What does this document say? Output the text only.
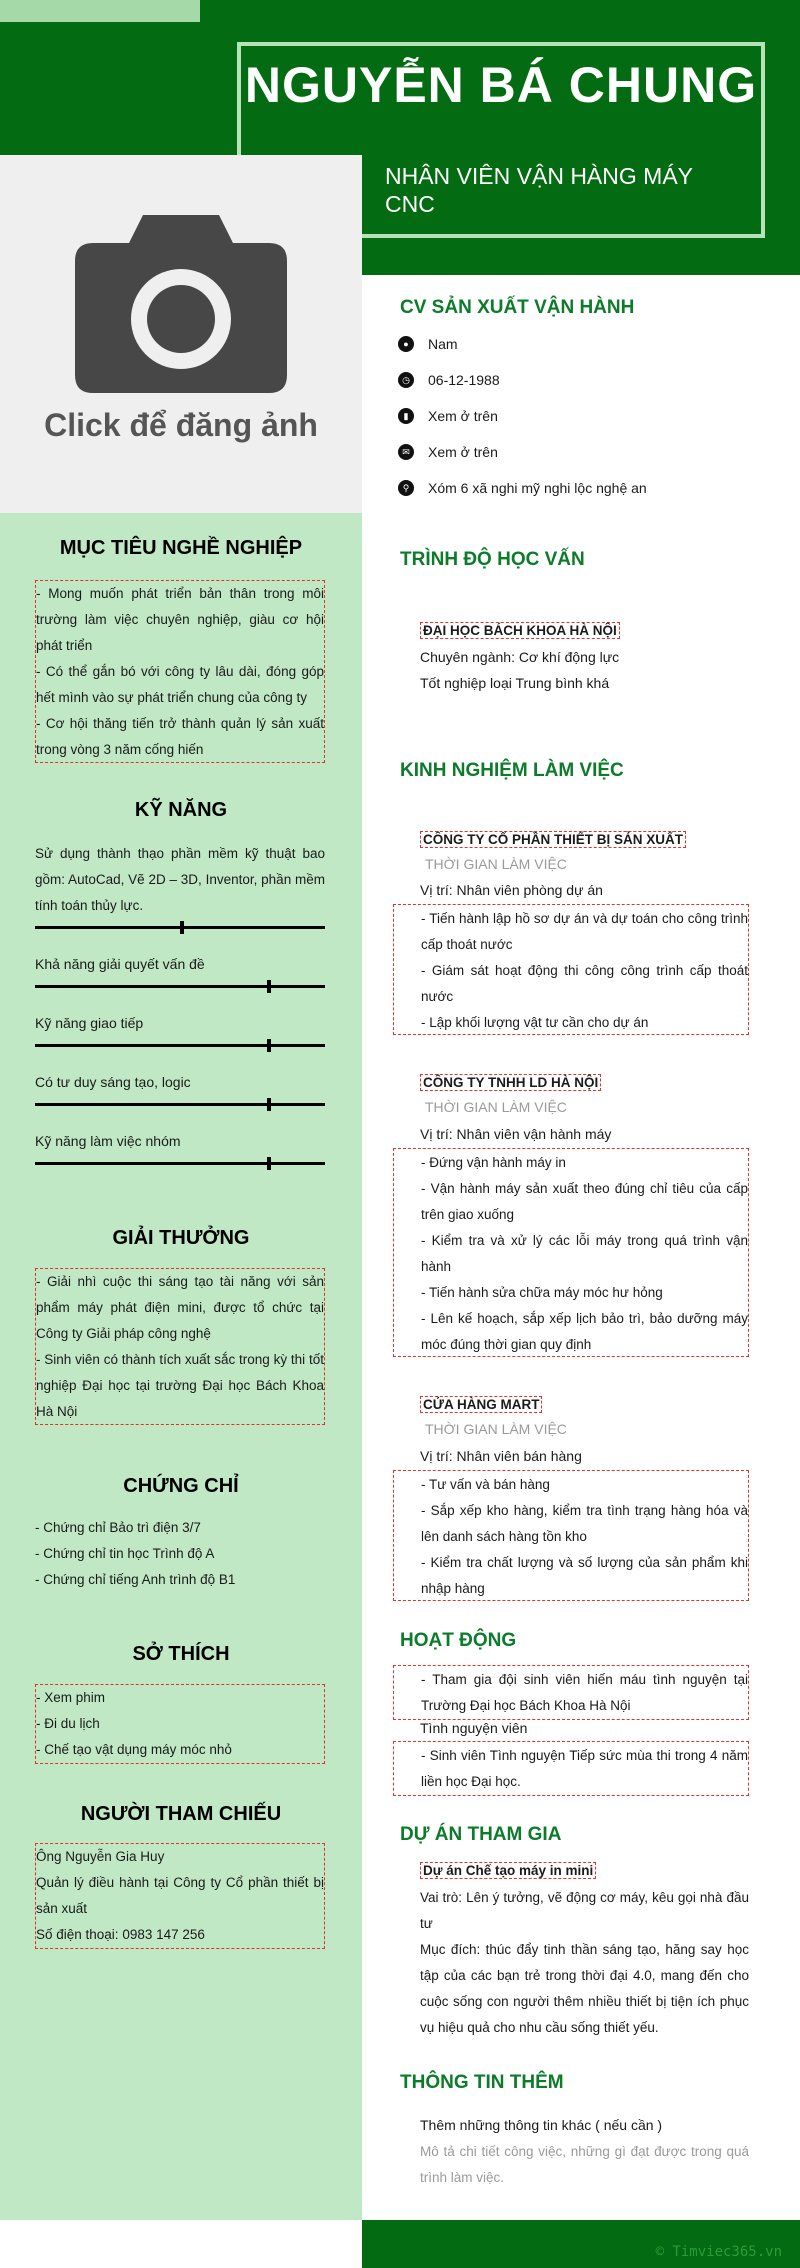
NGUYỄN BÁ CHUNG
NHÂN VIÊN VẬN HÀNG MÁY CNC
Click để đăng ảnh
MỤC TIÊU NGHỀ NGHIỆP

- Mong muốn phát triển bản thân trong môi trường làm việc chuyên nghiệp, giàu cơ hội phát triển

- Có thể gắn bó với công ty lâu dài, đóng góp hết mình vào sự phát triển chung của công ty

- Cơ hội thăng tiến trở thành quản lý sản xuất trong vòng 3 năm cống hiến

KỸ NĂNG
Sử dụng thành thạo phần mềm kỹ thuật bao gồm: AutoCad, Vẽ 2D – 3D, Inventor, phần mềm tính toán thủy lực.
Khả năng giải quyết vấn đề
Kỹ năng giao tiếp
Có tư duy sáng tạo, logic
Kỹ năng làm việc nhóm
GIẢI THƯỞNG

- Giải nhì cuộc thi sáng tạo tài năng với sản phẩm máy phát điện mini, được tổ chức tại Công ty Giải pháp công nghệ

- Sinh viên có thành tích xuất sắc trong kỳ thi tốt nghiệp Đại học tại trường Đại học Bách Khoa Hà Nội

CHỨNG CHỈ

- Chứng chỉ Bảo trì điện 3/7

- Chứng chỉ tin học Trình độ A

- Chứng chỉ tiếng Anh trình độ B1

SỞ THÍCH

- Xem phim

- Đi du lịch

- Chế tạo vật dụng máy móc nhỏ

NGƯỜI THAM CHIẾU

Ông Nguyễn Gia Huy

Quản lý điều hành tại Công ty Cổ phần thiết bị sản xuất

Số điện thoại: 0983 147 256

CV SẢN XUẤT VẬN HÀNH
●	Nam
◷ 06-12-1988
▮	Xem ở trên
✉	Xem ở trên
⚲	Xóm 6 xã nghi mỹ nghi lộc nghệ an
TRÌNH ĐỘ HỌC VẤN
ĐẠI HỌC BÁCH KHOA HÀ NỘI
Chuyên ngành: Cơ khí động lực
Tốt nghiệp loại Trung bình khá
KINH NGHIỆM LÀM VIỆC
CÔNG TY CỔ PHẦN THIẾT BỊ SẢN XUẤT
THỜI GIAN LÀM VIỆC
Vị trí: Nhân viên phòng dự án

- Tiến hành lập hồ sơ dự án và dự toán cho công trình cấp thoát nước

- Giám sát hoạt động thi công công trình cấp thoát nước

- Lập khối lượng vật tư cần cho dự án

CÔNG TY TNHH LD HÀ NỘI
THỜI GIAN LÀM VIỆC
Vị trí: Nhân viên vận hành máy

- Đứng vận hành máy in

- Vận hành máy sản xuất theo đúng chỉ tiêu của cấp trên giao xuống

- Kiểm tra và xử lý các lỗi máy trong quá trình vận hành

- Tiến hành sửa chữa máy móc hư hỏng

- Lên kế hoạch, sắp xếp lịch bảo trì, bảo dưỡng máy móc đúng thời gian quy định

CỬA HÀNG MART
THỜI GIAN LÀM VIỆC
Vị trí: Nhân viên bán hàng

- Tư vấn và bán hàng

- Sắp xếp kho hàng, kiểm tra tình trạng hàng hóa và lên danh sách hàng tồn kho

- Kiểm tra chất lượng và số lượng của sản phẩm khi nhập hàng

HOẠT ĐỘNG

- Tham gia đội sinh viên hiến máu tình nguyện tại Trường Đại học Bách Khoa Hà Nội

Tình nguyện viên

- Sinh viên Tình nguyện Tiếp sức mùa thi trong 4 năm liền học Đại học.

DỰ ÁN THAM GIA
Dự án Chế tạo máy in mini

Vai trò: Lên ý tưởng, vẽ động cơ máy, kêu gọi nhà đầu tư

Mục đích: thúc đẩy tinh thần sáng tạo, hăng say học tập của các bạn trẻ trong thời đại 4.0, mang đến cho cuộc sống con người thêm nhiều thiết bị tiện ích phục vụ hiệu quả cho nhu cầu sống thiết yếu.

THÔNG TIN THÊM
Thêm những thông tin khác ( nếu cần )
Mô tả chi tiết công việc, những gì đạt được trong quá trình làm việc.
© Timviec365.vn
